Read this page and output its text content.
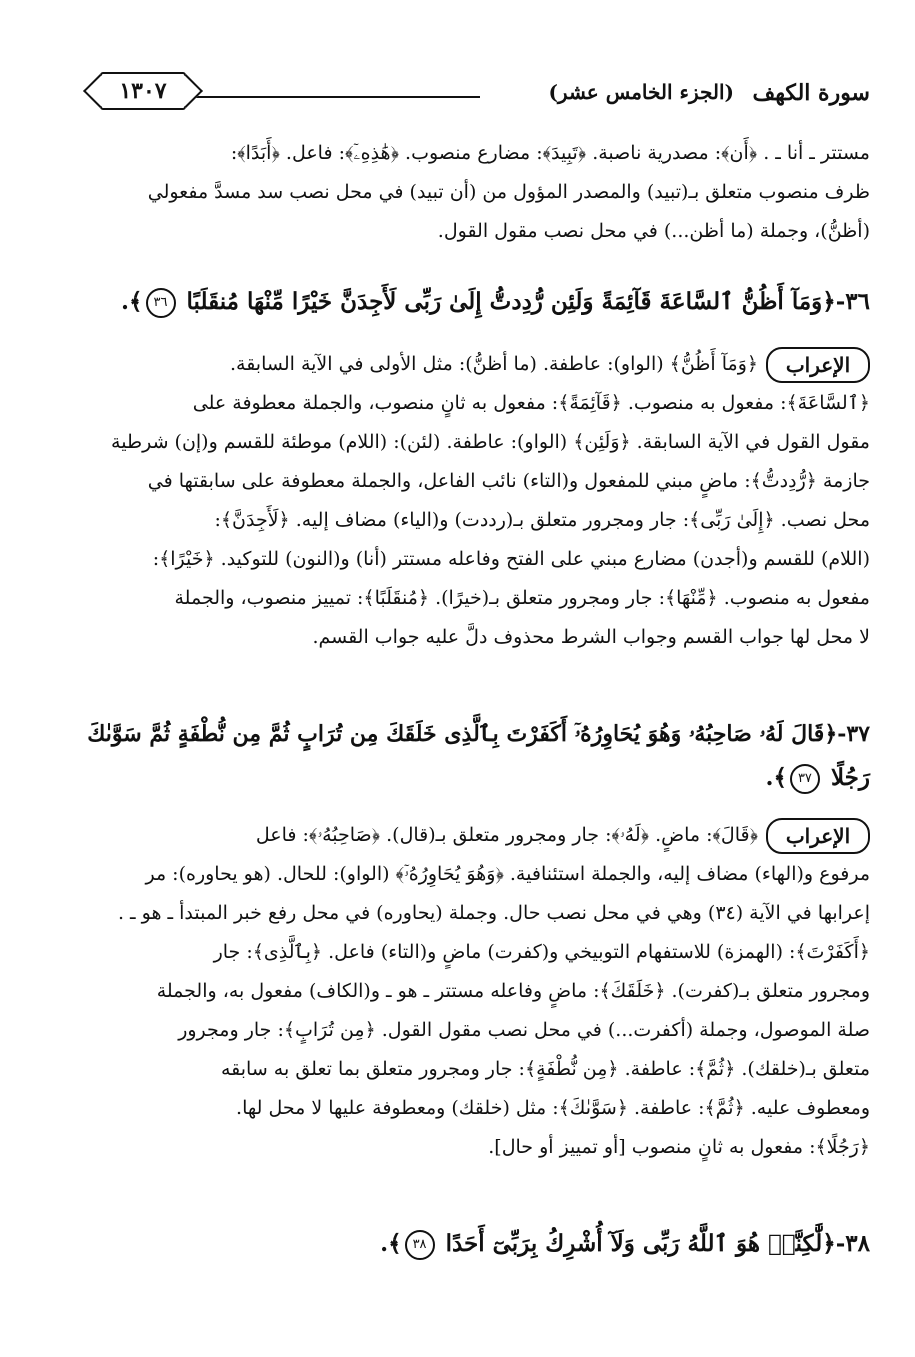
سورة الكهف
(الجزء الخامس عشر)
١٣٠٧
مستتر ـ أنا ـ . ﴿أَن﴾: مصدرية ناصبة. ﴿تَبِيدَ﴾: مضارع منصوب. ﴿هَٰذِهِۦٓ﴾: فاعل. ﴿أَبَدًا﴾:
ظرف منصوب متعلق بـ(تبيد) والمصدر المؤول من (أن تبيد) في محل نصب سد مسدَّ مفعولي
(أظنُّ)، وجملة (ما أظن...) في محل نصب مقول القول.
٣٦-﴿وَمَآ أَظُنُّ ٱلسَّاعَةَ قَآئِمَةً وَلَئِن رُّدِدتُّ إِلَىٰ رَبِّى لَأَجِدَنَّ خَيْرًا مِّنْهَا مُنقَلَبًا ٣٦﴾.
الإعراب
﴿وَمَآ أَظُنُّ﴾ (الواو): عاطفة. (ما أظنُّ): مثل الأولى في الآية السابقة.
﴿ٱلسَّاعَةَ﴾: مفعول به منصوب. ﴿قَآئِمَةً﴾: مفعول به ثانٍ منصوب، والجملة معطوفة على
مقول القول في الآية السابقة. ﴿وَلَئِن﴾ (الواو): عاطفة. (لئن): (اللام) موطئة للقسم و(إن) شرطية
جازمة ﴿رُّدِدتُّ﴾: ماضٍ مبني للمفعول و(التاء) نائب الفاعل، والجملة معطوفة على سابقتها في
محل نصب. ﴿إِلَىٰ رَبِّى﴾: جار ومجرور متعلق بـ(رددت) و(الياء) مضاف إليه. ﴿لَأَجِدَنَّ﴾:
(اللام) للقسم و(أجدن) مضارع مبني على الفتح وفاعله مستتر (أنا) و(النون) للتوكيد. ﴿خَيْرًا﴾:
مفعول به منصوب. ﴿مِّنْهَا﴾: جار ومجرور متعلق بـ(خيرًا). ﴿مُنقَلَبًا﴾: تمييز منصوب، والجملة
لا محل لها جواب القسم وجواب الشرط محذوف دلَّ عليه جواب القسم.
٣٧-﴿قَالَ لَهُۥ صَاحِبُهُۥ وَهُوَ يُحَاوِرُهُۥٓ أَكَفَرْتَ بِٱلَّذِى خَلَقَكَ مِن تُرَابٍ ثُمَّ مِن نُّطْفَةٍ ثُمَّ سَوَّىٰكَ
رَجُلًا ٣٧﴾.
الإعراب
﴿قَالَ﴾: ماضٍ. ﴿لَهُۥ﴾: جار ومجرور متعلق بـ(قال). ﴿صَاحِبُهُۥ﴾: فاعل
مرفوع و(الهاء) مضاف إليه، والجملة استئنافية. ﴿وَهُوَ يُحَاوِرُهُۥٓ﴾ (الواو): للحال. (هو يحاوره): مر
إعرابها في الآية (٣٤) وهي في محل نصب حال. وجملة (يحاوره) في محل رفع خبر المبتدأ ـ هو ـ .
﴿أَكَفَرْتَ﴾: (الهمزة) للاستفهام التوبيخي و(كفرت) ماضٍ و(التاء) فاعل. ﴿بِٱلَّذِى﴾: جار
ومجرور متعلق بـ(كفرت). ﴿خَلَقَكَ﴾: ماضٍ وفاعله مستتر ـ هو ـ و(الكاف) مفعول به، والجملة
صلة الموصول، وجملة (أكفرت...) في محل نصب مقول القول. ﴿مِن تُرَابٍ﴾: جار ومجرور
متعلق بـ(خلقك). ﴿ثُمَّ﴾: عاطفة. ﴿مِن نُّطْفَةٍ﴾: جار ومجرور متعلق بما تعلق به سابقه
ومعطوف عليه. ﴿ثُمَّ﴾: عاطفة. ﴿سَوَّىٰكَ﴾: مثل (خلقك) ومعطوفة عليها لا محل لها.
﴿رَجُلًا﴾: مفعول به ثانٍ منصوب [أو تمييز أو حال].
٣٨-﴿لَّٰكِنَّا۠ هُوَ ٱللَّهُ رَبِّى وَلَآ أُشْرِكُ بِرَبِّىٓ أَحَدًا ٣٨﴾.
